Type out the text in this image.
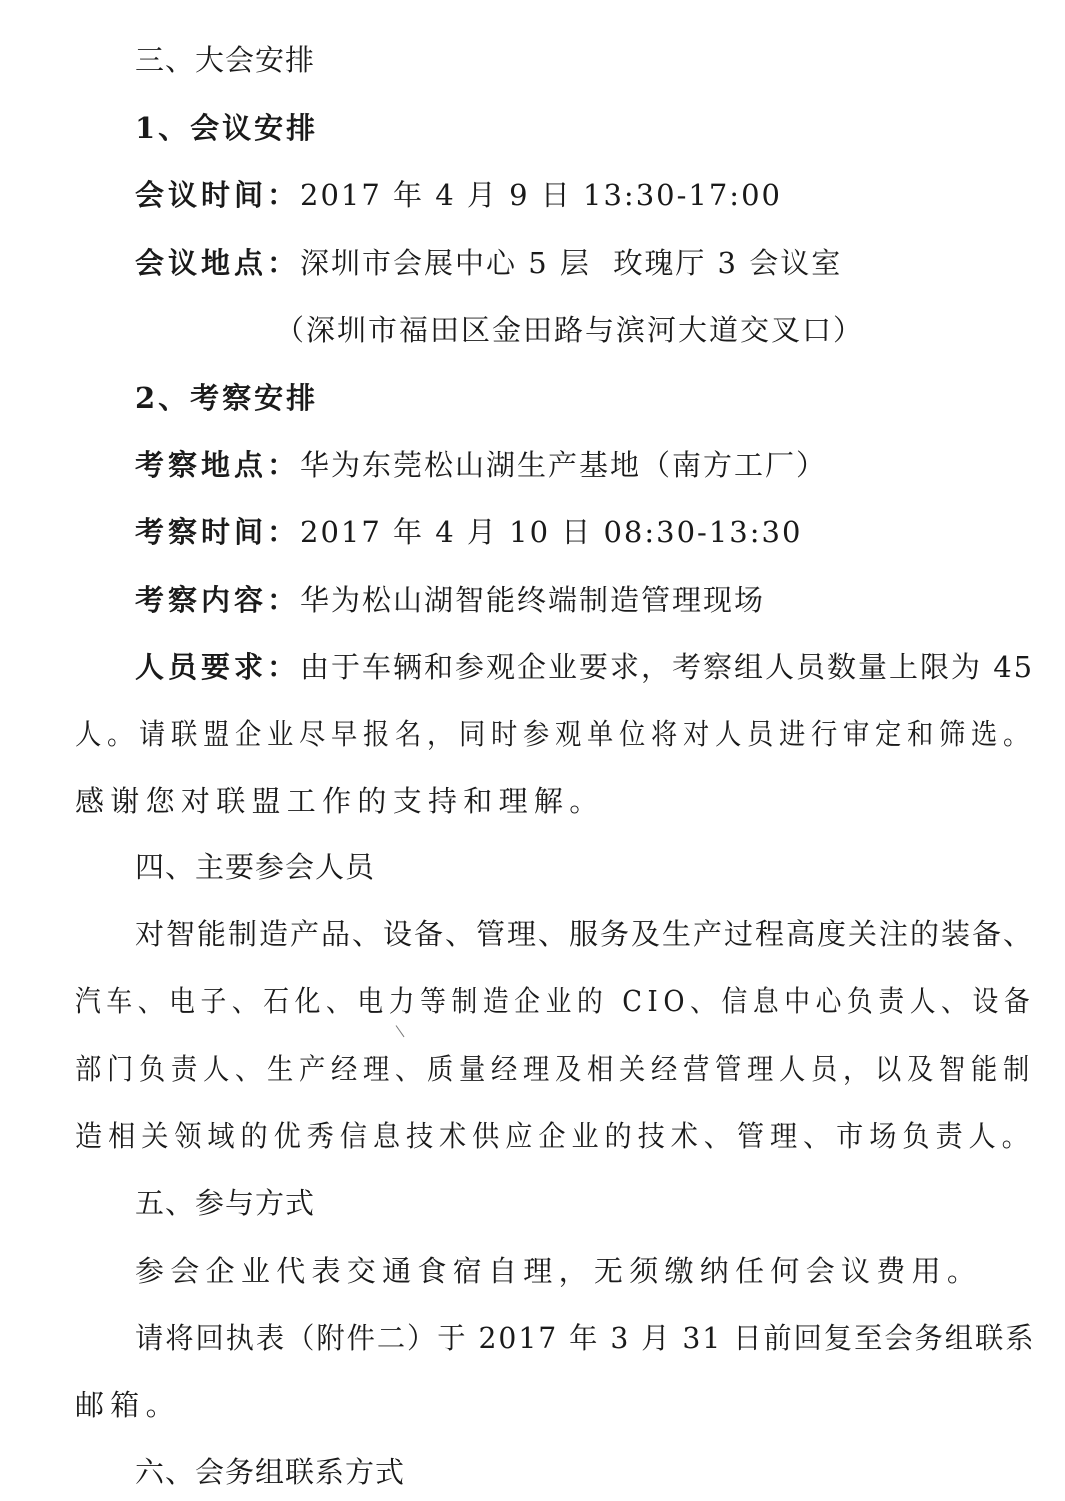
三、大会安排
1、会议安排
会议时间：2017 年 4 月 9 日 13:30-17:00
会议地点：深圳市会展中心 5 层  玫瑰厅 3 会议室
（深圳市福田区金田路与滨河大道交叉口）
2、考察安排
考察地点：华为东莞松山湖生产基地（南方工厂）
考察时间：2017 年 4 月 10 日 08:30-13:30
考察内容：华为松山湖智能终端制造管理现场
人员要求：由于车辆和参观企业要求，考察组人员数量上限为 45
人。请联盟企业尽早报名，同时参观单位将对人员进行审定和筛选。
感谢您对联盟工作的支持和理解。
四、主要参会人员
对智能制造产品、设备、管理、服务及生产过程高度关注的装备、
汽车、电子、石化、电力等制造企业的 CIO、信息中心负责人、设备
部门负责人、生产经理、质量经理及相关经营管理人员，以及智能制
造相关领域的优秀信息技术供应企业的技术、管理、市场负责人。
五、参与方式
参会企业代表交通食宿自理，无须缴纳任何会议费用。
请将回执表（附件二）于 2017 年 3 月 31 日前回复至会务组联系
邮箱。
六、会务组联系方式
